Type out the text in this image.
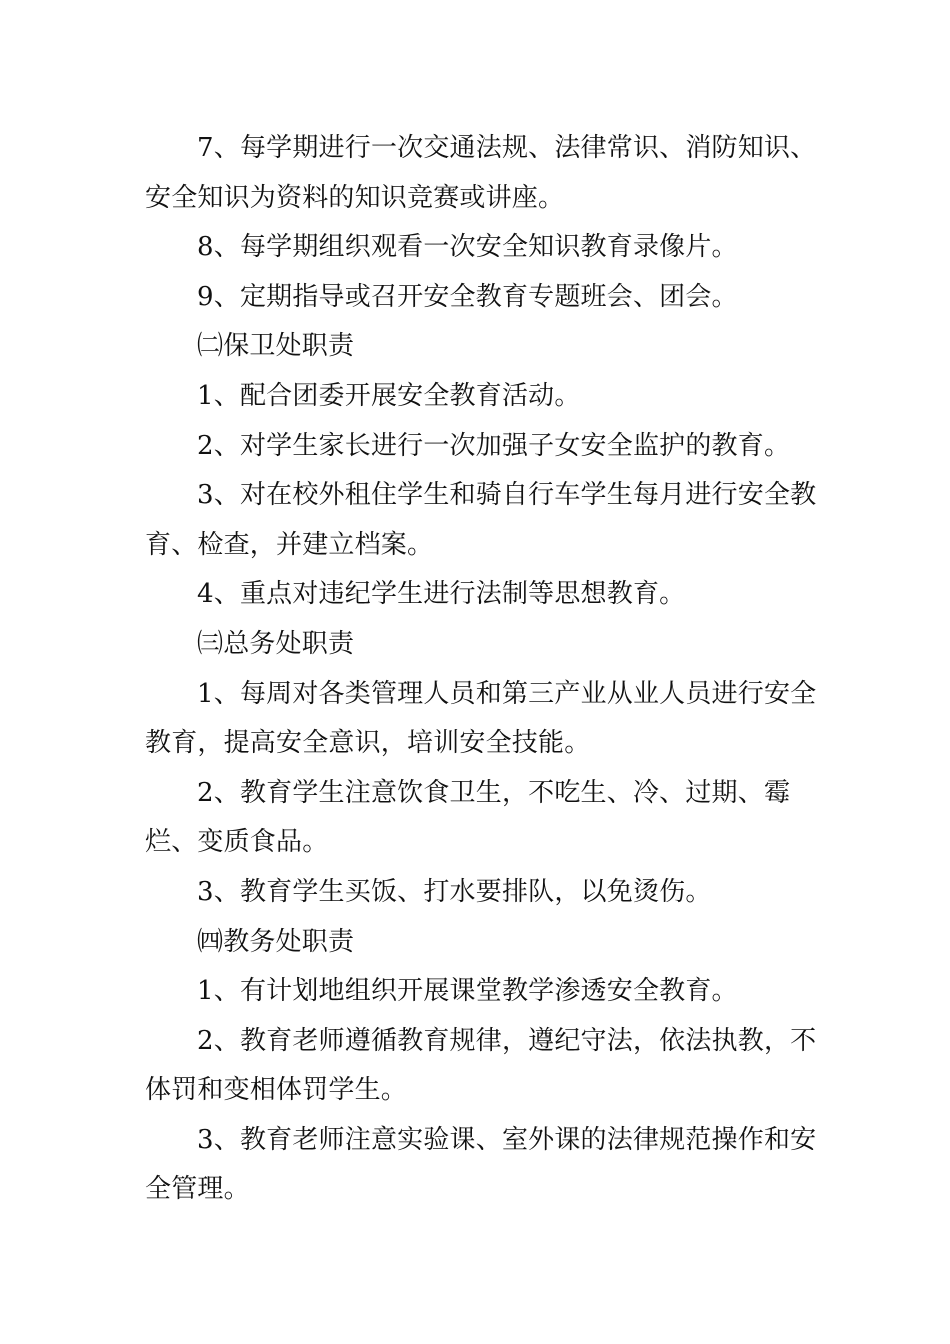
7、每学期进行一次交通法规、法律常识、消防知识、安全知识为资料的知识竞赛或讲座。

8、每学期组织观看一次安全知识教育录像片。

9、定期指导或召开安全教育专题班会、团会。

㈡保卫处职责

1、配合团委开展安全教育活动。

2、对学生家长进行一次加强子女安全监护的教育。

3、对在校外租住学生和骑自行车学生每月进行安全教育、检查，并建立档案。

4、重点对违纪学生进行法制等思想教育。

㈢总务处职责

1、每周对各类管理人员和第三产业从业人员进行安全教育，提高安全意识，培训安全技能。

2、教育学生注意饮食卫生，不吃生、冷、过期、霉烂、变质食品。

3、教育学生买饭、打水要排队，以免烫伤。

㈣教务处职责

1、有计划地组织开展课堂教学渗透安全教育。

2、教育老师遵循教育规律，遵纪守法，依法执教，不体罚和变相体罚学生。

3、教育老师注意实验课、室外课的法律规范操作和安全管理。
